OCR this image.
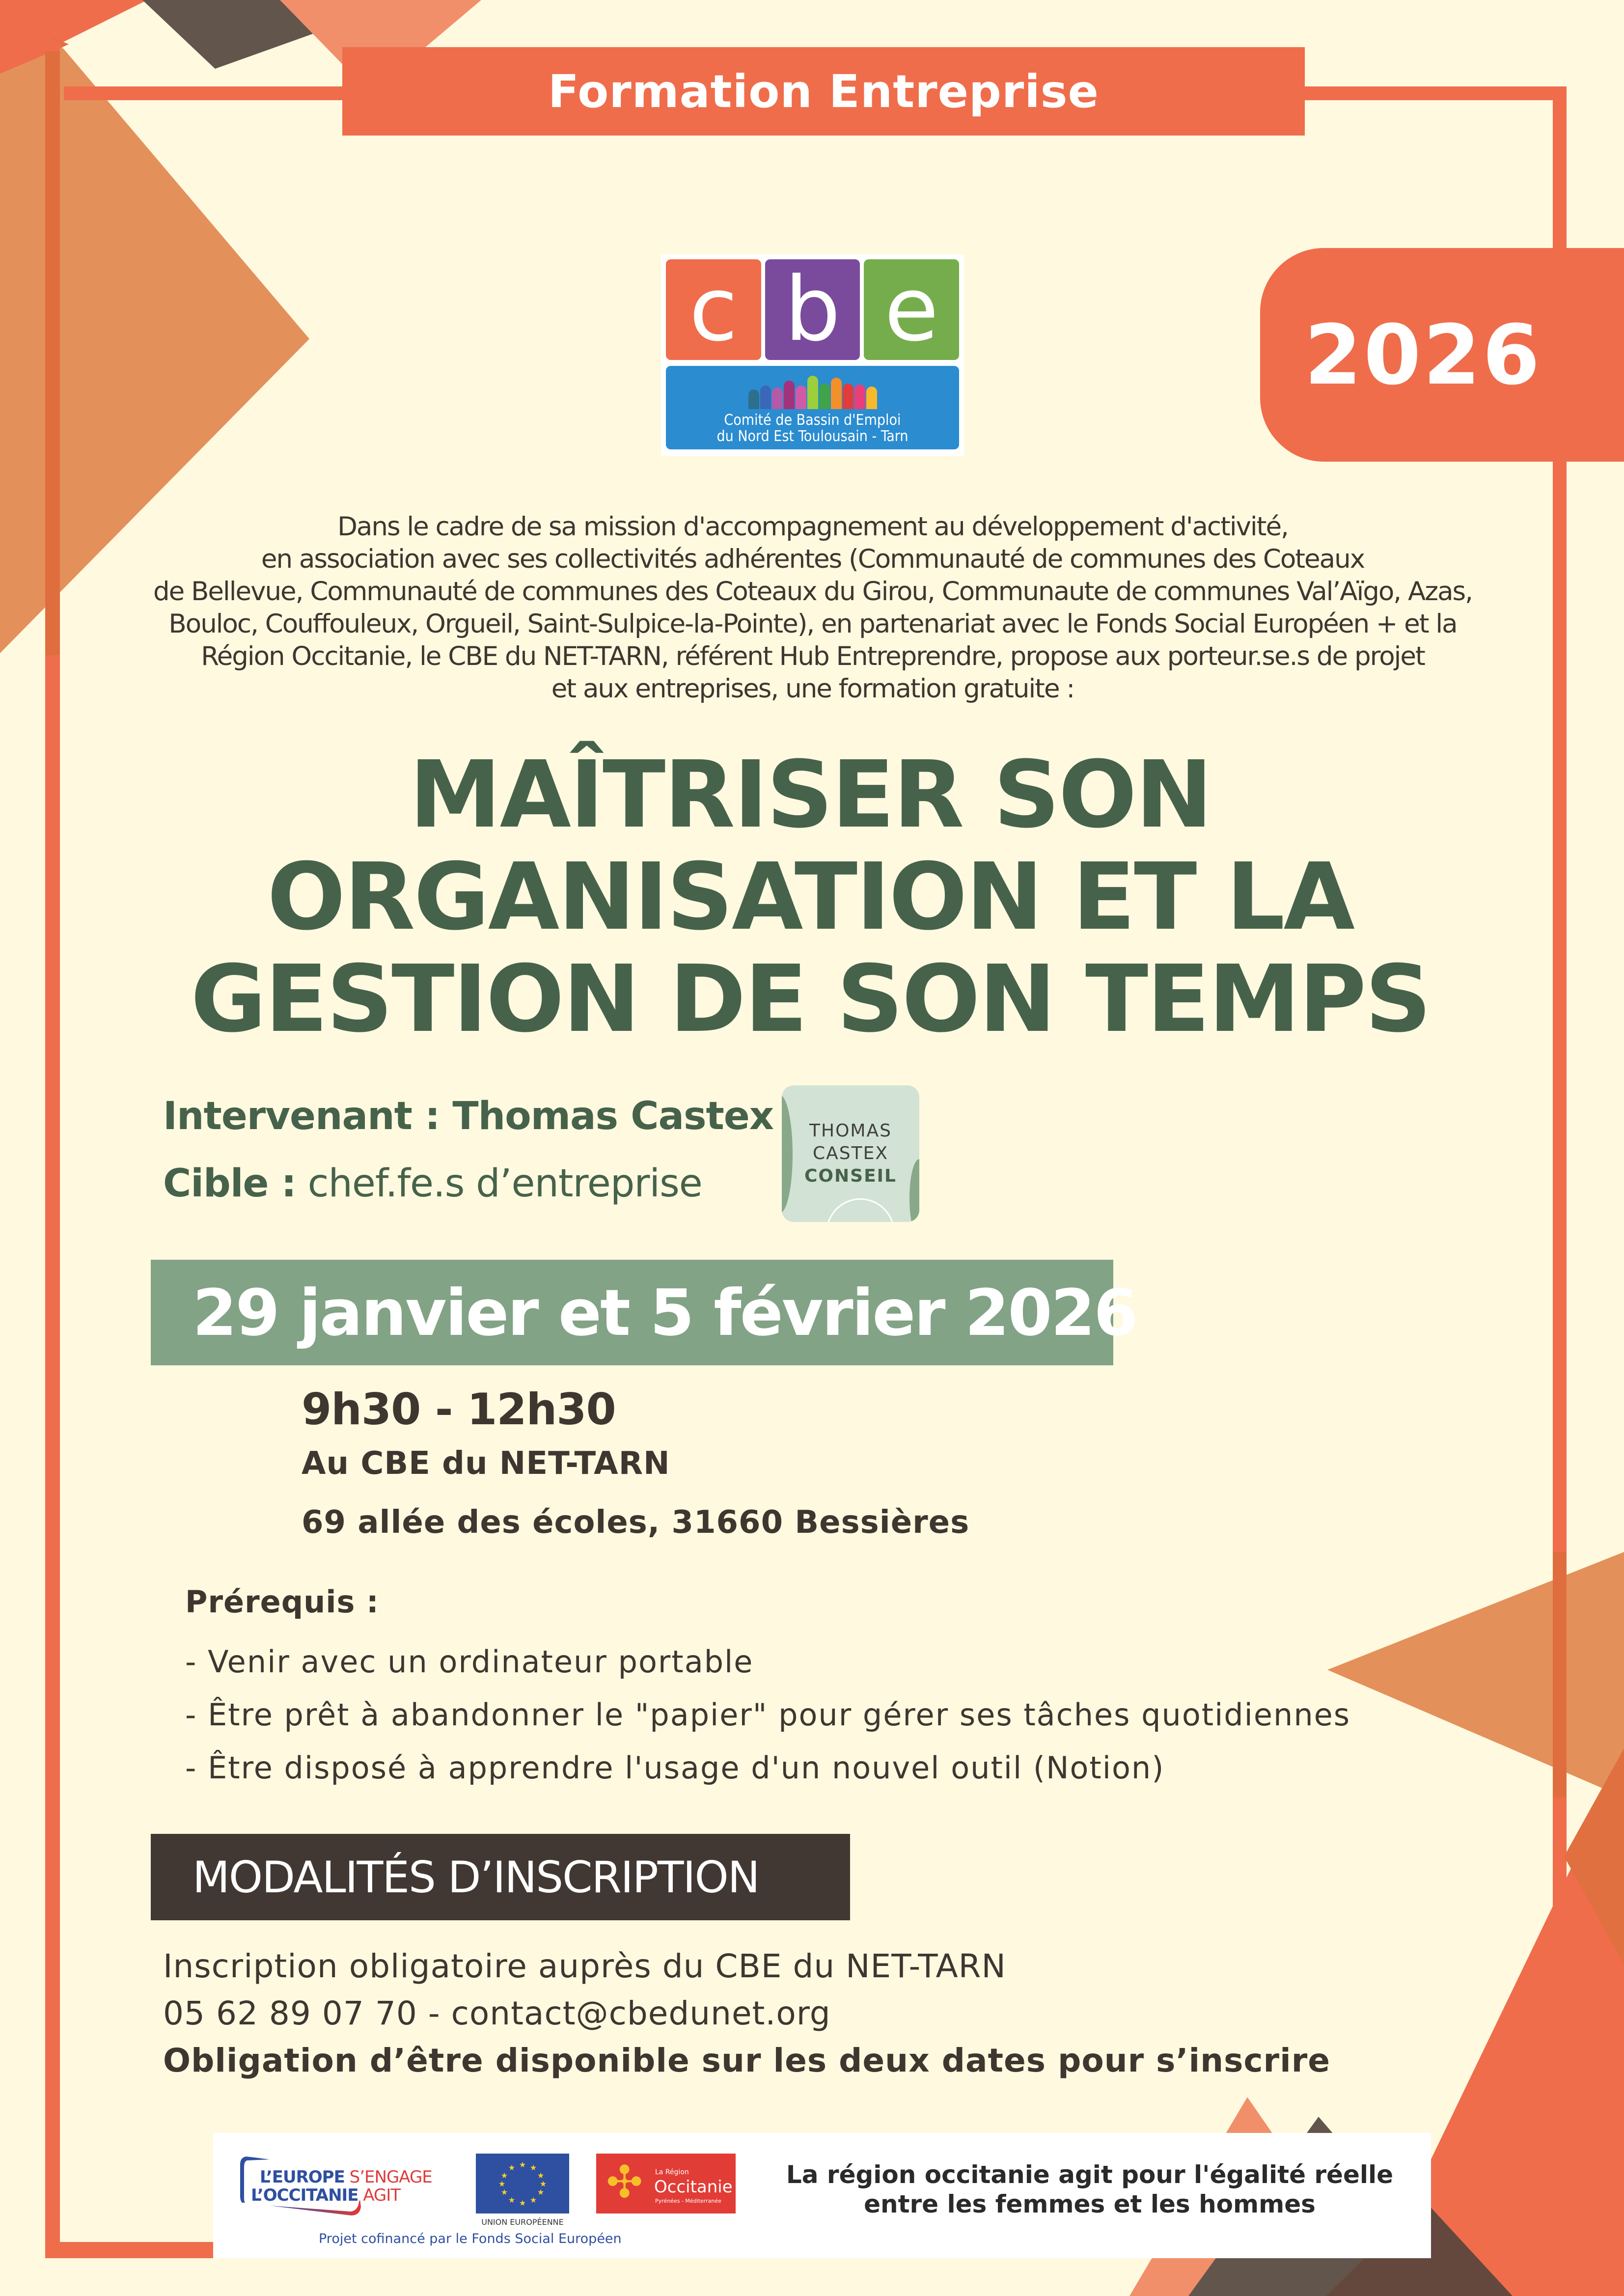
Formation Entreprise
2026
c b e
Comité de Bassin d'Emploi
du Nord Est Toulousain - Tarn
Dans le cadre de sa mission d'accompagnement au développement d'activité,
en association avec ses collectivités adhérentes (Communauté de communes des Coteaux
de Bellevue, Communauté de communes des Coteaux du Girou, Communaute de communes Val’Aïgo, Azas,
Bouloc, Couffouleux, Orgueil, Saint-Sulpice-la-Pointe), en partenariat avec le Fonds Social Européen + et la
Région Occitanie, le CBE du NET-TARN, référent Hub Entreprendre, propose aux porteur.se.s de projet
et aux entreprises, une formation gratuite :
MAÎTRISER SON
ORGANISATION ET LA
GESTION DE SON TEMPS
Intervenant : Thomas Castex
Cible : chef.fe.s d’entreprise
THOMAS
CASTEX
CONSEIL
29 janvier et 5 février 2026
9h30 - 12h30
Au CBE du NET-TARN
69 allée des écoles, 31660 Bessières
Prérequis :
- Venir avec un ordinateur portable
- Être prêt à abandonner le "papier" pour gérer ses tâches quotidiennes
- Être disposé à apprendre l'usage d'un nouvel outil (Notion)
MODALITÉS D’INSCRIPTION
Inscription obligatoire auprès du CBE du NET-TARN
05 62 89 07 70 - contact@cbedunet.org
Obligation d’être disponible sur les deux dates pour s’inscrire
L’EUROPE S’ENGAGE
L’OCCITANIE AGIT
★ ★
★
★
★
★
★
★
★
★
★
★
UNION EUROPÉENNE
✣ La Région
Occitanie
Pyrénées - Méditerranée
Projet cofinancé par le Fonds Social Européen
La région occitanie agit pour l'égalité réelle
entre les femmes et les hommes
